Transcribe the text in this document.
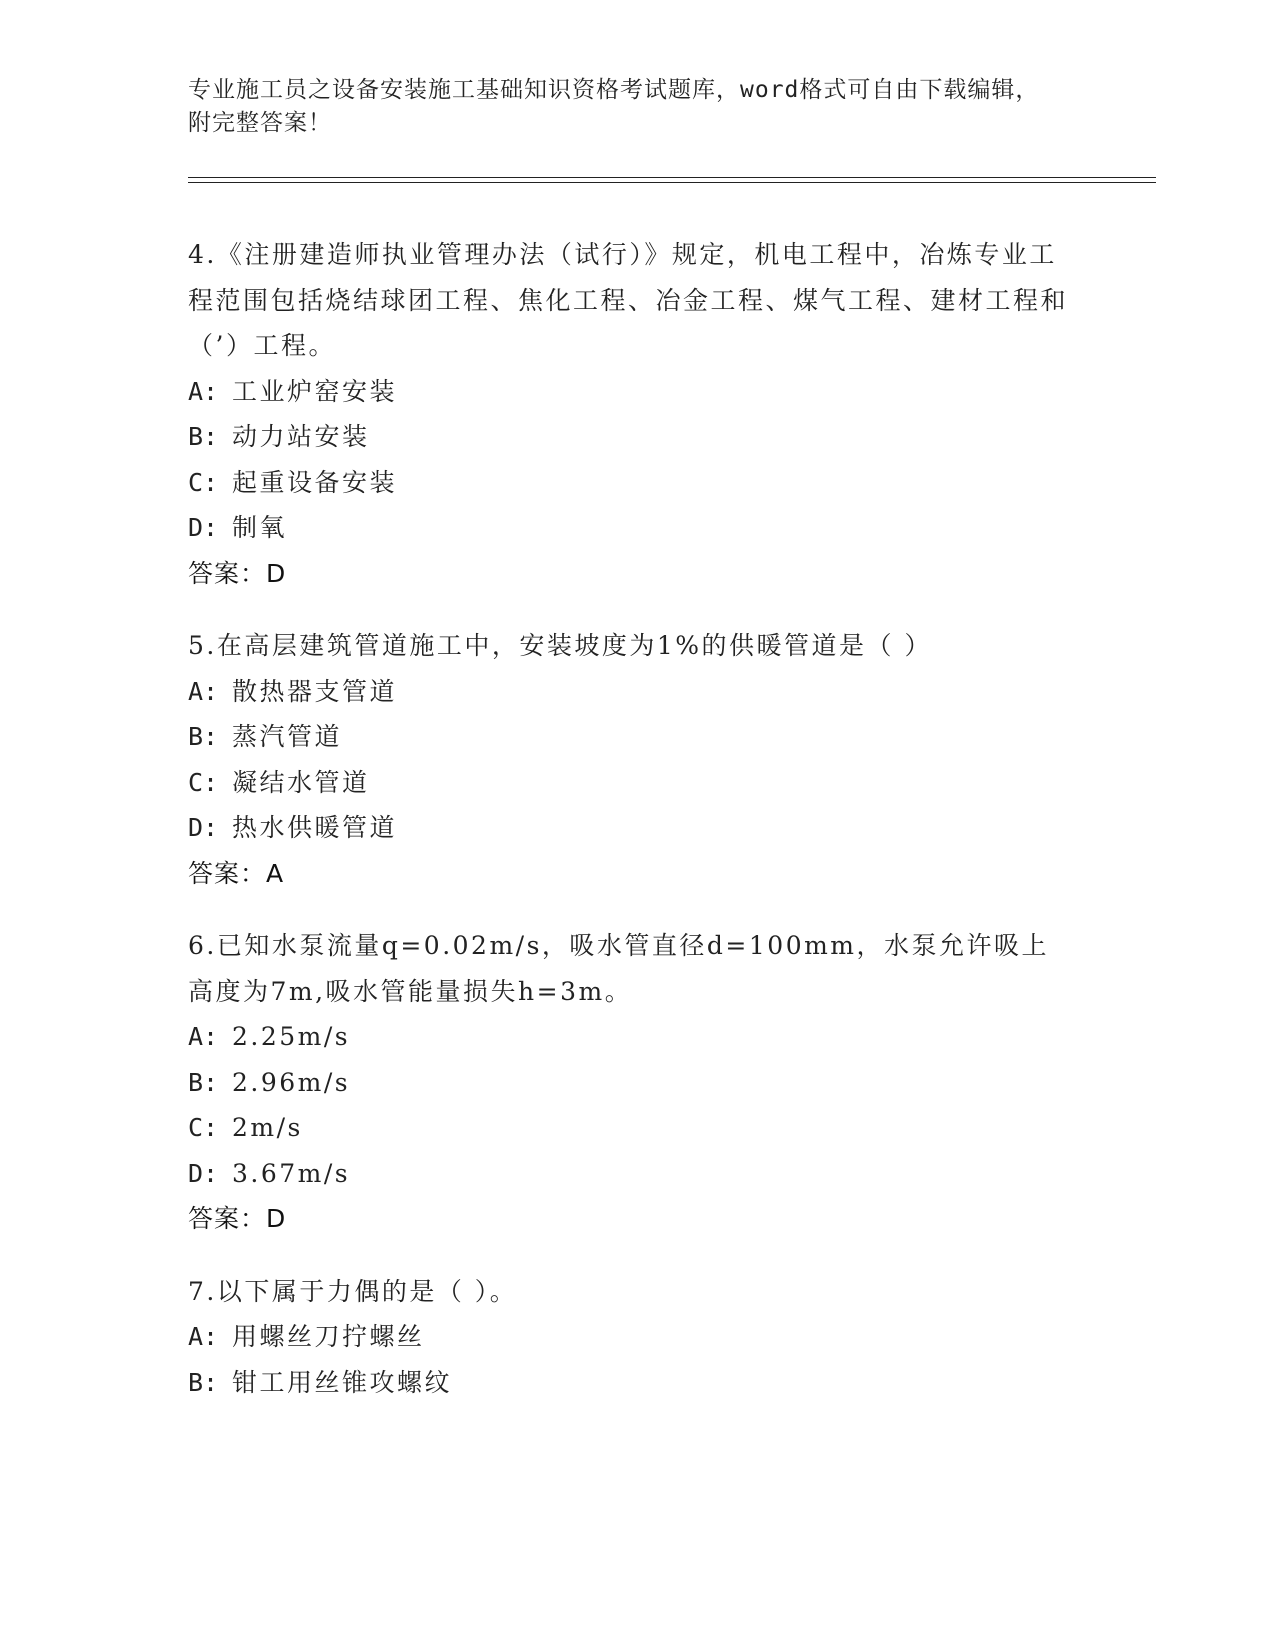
专业施工员之设备安装施工基础知识资格考试题库，word格式可自由下载编辑，
附完整答案！

4.《注册建造师执业管理办法（试行）》规定，机电工程中，冶炼专业工程范围包括烧结球团工程、焦化工程、冶金工程、煤气工程、建材工程和（’）工程。

A: 工业炉窑安装
B: 动力站安装
C: 起重设备安装
D: 制氧
答案：D

5.在高层建筑管道施工中，安装坡度为1%的供暖管道是（ ）

A: 散热器支管道
B: 蒸汽管道
C: 凝结水管道
D: 热水供暖管道
答案：A

6.已知水泵流量q=0.02m/s，吸水管直径d=100mm，水泵允许吸上高度为7m,吸水管能量损失h=3m。

A: 2.25m/s
B: 2.96m/s
C: 2m/s
D: 3.67m/s
答案：D

7.以下属于力偶的是（ ）。

A: 用螺丝刀拧螺丝
B: 钳工用丝锥攻螺纹
